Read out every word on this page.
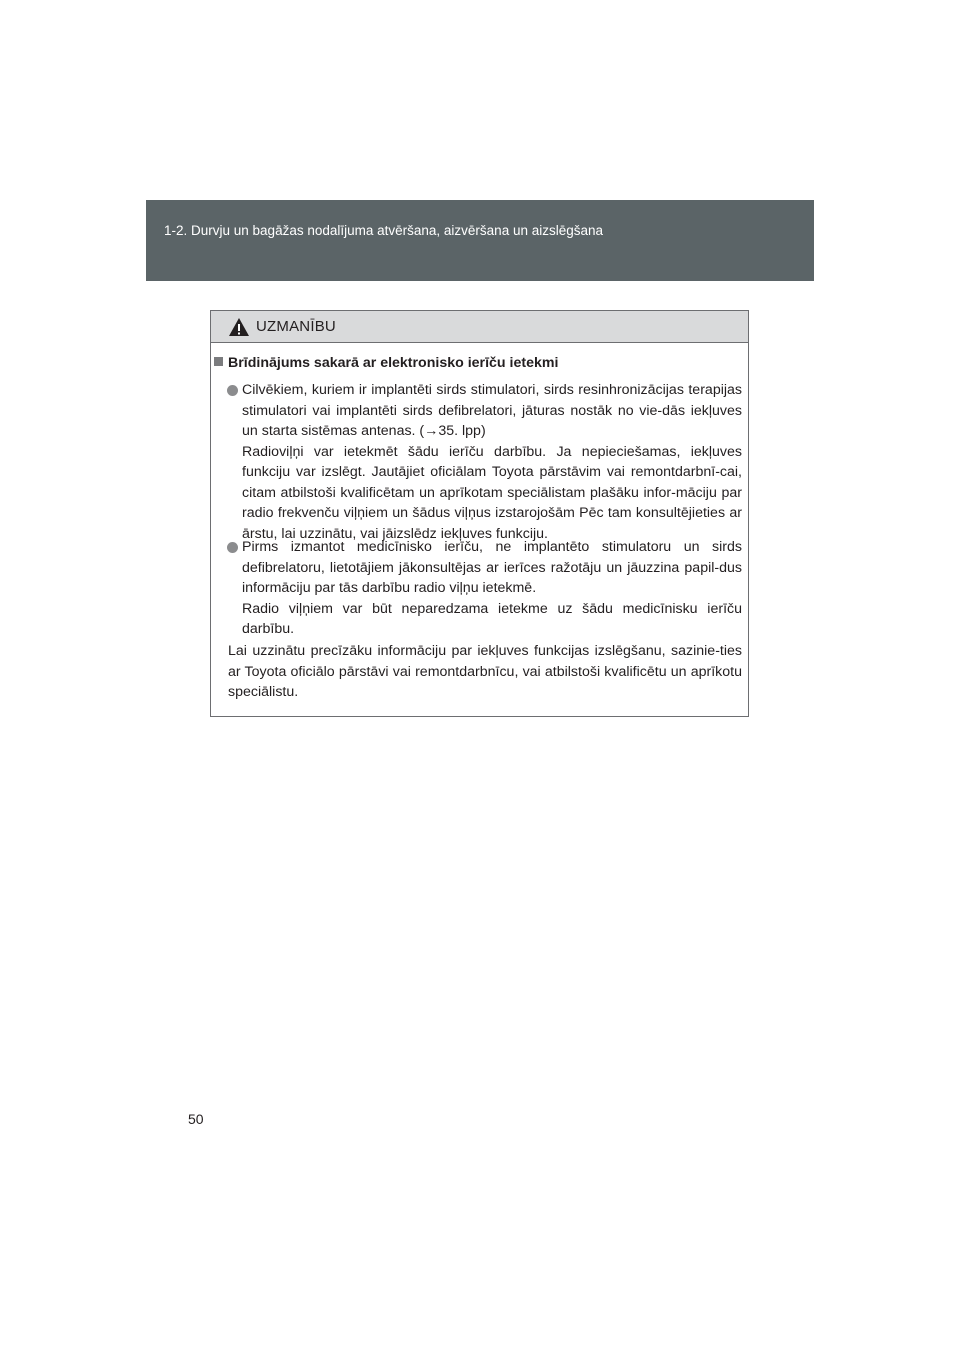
1-2. Durvju un bagāžas nodalījuma atvēršana, aizvēršana un aizslēgšana
UZMANĪBU
Brīdinājums sakarā ar elektronisko ierīču ietekmi

Cilvēkiem, kuriem ir implantēti sirds stimulatori, sirds resinhronizācijas terapijas stimulatori vai implantēti sirds defibrelatori, jāturas nostāk no vie-dās iekļuves un starta sistēmas antenas. (→35. lpp)

Radioviļņi var ietekmēt šādu ierīču darbību. Ja nepieciešamas, iekļuves funkciju var izslēgt. Jautājiet oficiālam Toyota pārstāvim vai remontdarbnī-cai, citam atbilstoši kvalificētam un aprīkotam speciālistam plašāku infor-māciju par radio frekvenču viļņiem un šādus viļņus izstarojošām Pēc tam konsultējieties ar ārstu, lai uzzinātu, vai jāizslēdz iekļuves funkciju.

Pirms izmantot medicīnisko ierīču, ne implantēto stimulatoru un sirds defibrelatoru, lietotājiem jākonsultējas ar ierīces ražotāju un jāuzzina papil-dus informāciju par tās darbību radio viļņu ietekmē.

Radio viļņiem var būt neparedzama ietekme uz šādu medicīnisku ierīču darbību.

Lai uzzinātu precīzāku informāciju par iekļuves funkcijas izslēgšanu, sazinie-ties ar Toyota oficiālo pārstāvi vai remontdarbnīcu, vai atbilstoši kvalificētu un aprīkotu speciālistu.

50
